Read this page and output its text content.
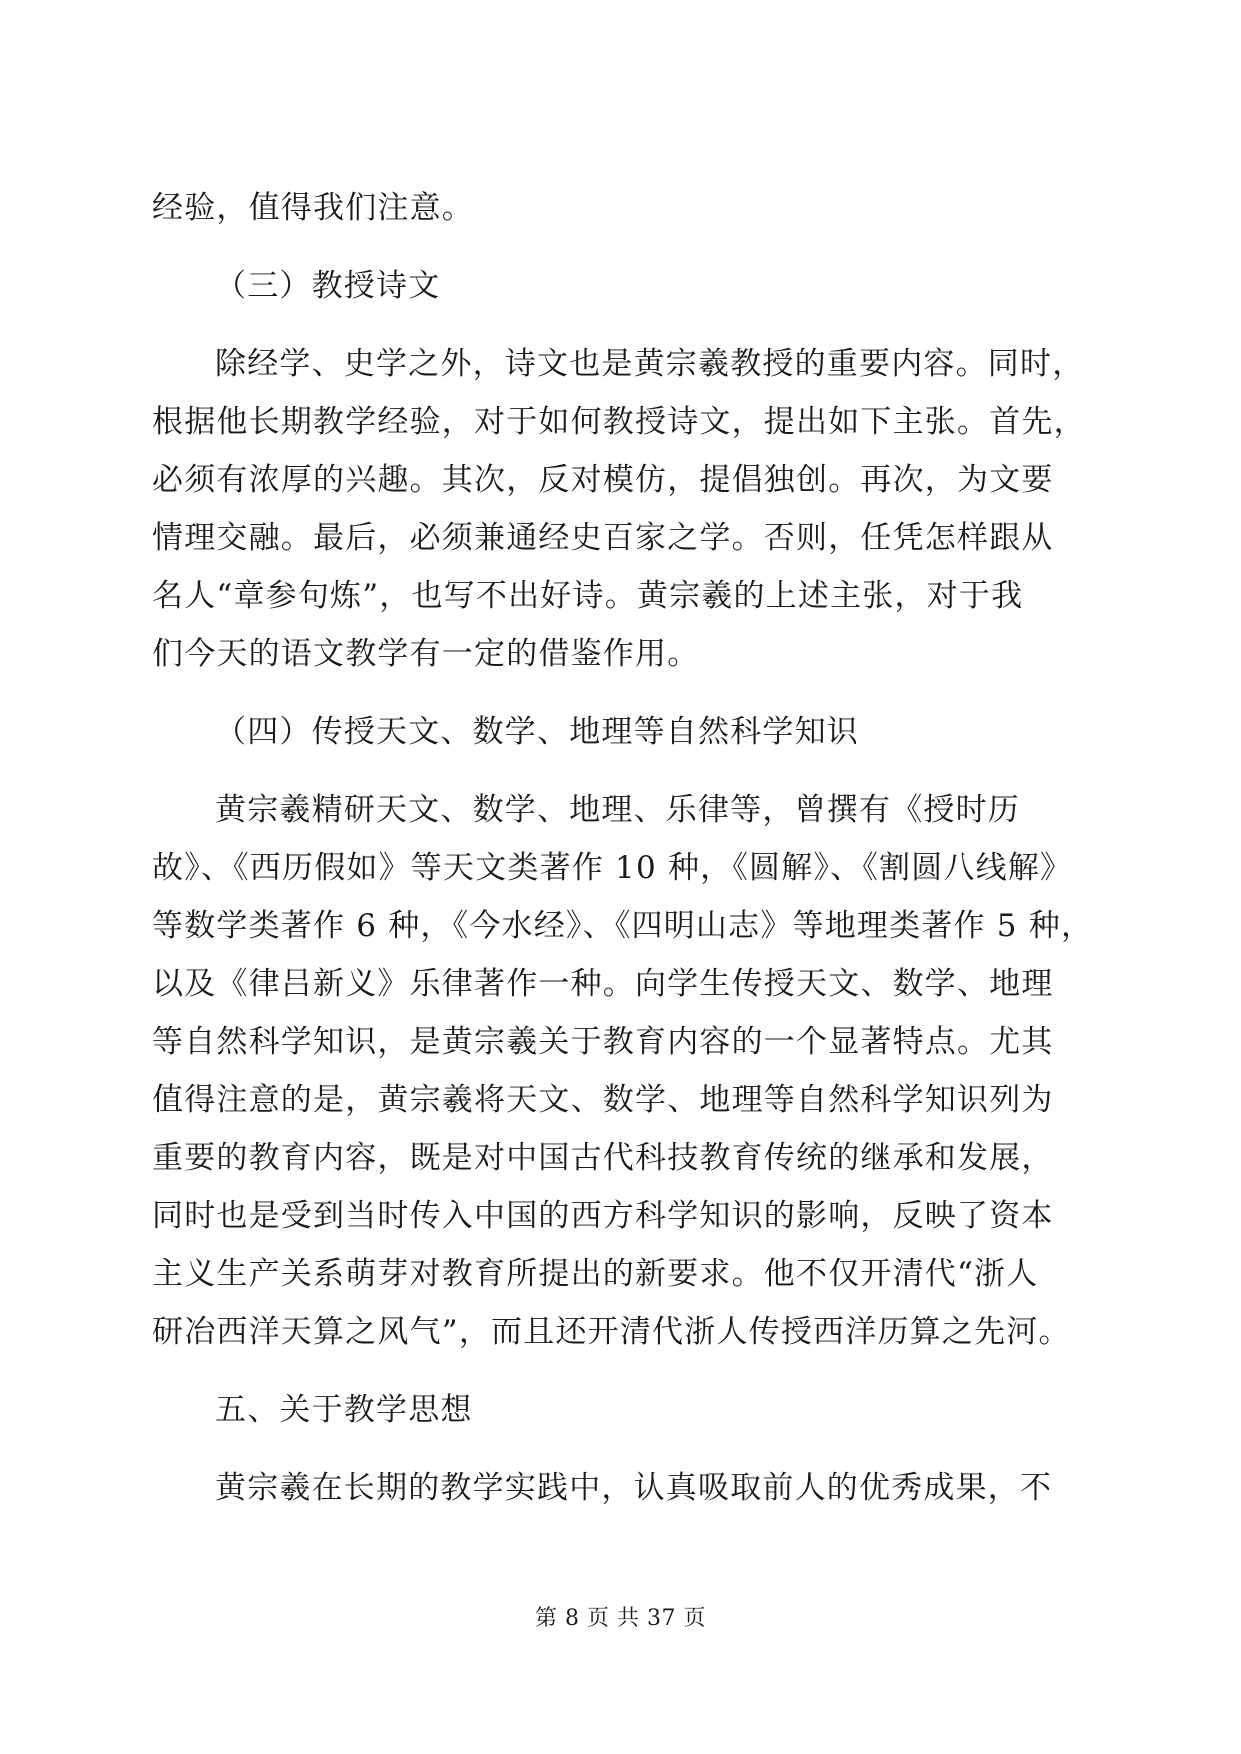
经验，值得我们注意。
（三）教授诗文
除经学、史学之外，诗文也是黄宗羲教授的重要内容。同时，
根据他长期教学经验，对于如何教授诗文，提出如下主张。首先，
必须有浓厚的兴趣。其次，反对模仿，提倡独创。再次，为文要
情理交融。最后，必须兼通经史百家之学。否则，任凭怎样跟从
名人“章参句炼”，也写不出好诗。黄宗羲的上述主张，对于我
们今天的语文教学有一定的借鉴作用。
（四）传授天文、数学、地理等自然科学知识
黄宗羲精研天文、数学、地理、乐律等，曾撰有《授时历
故》、《西历假如》等天文类著作 10 种，《圆解》、《割圆八线解》
等数学类著作 6 种，《今水经》、《四明山志》等地理类著作 5 种，
以及《律吕新义》乐律著作一种。向学生传授天文、数学、地理
等自然科学知识，是黄宗羲关于教育内容的一个显著特点。尤其
值得注意的是，黄宗羲将天文、数学、地理等自然科学知识列为
重要的教育内容，既是对中国古代科技教育传统的继承和发展，
同时也是受到当时传入中国的西方科学知识的影响，反映了资本
主义生产关系萌芽对教育所提出的新要求。他不仅开清代“浙人
研冶西洋天算之风气”，而且还开清代浙人传授西洋历算之先河。
五、关于教学思想
黄宗羲在长期的教学实践中，认真吸取前人的优秀成果，不
第 8 页 共 37 页
